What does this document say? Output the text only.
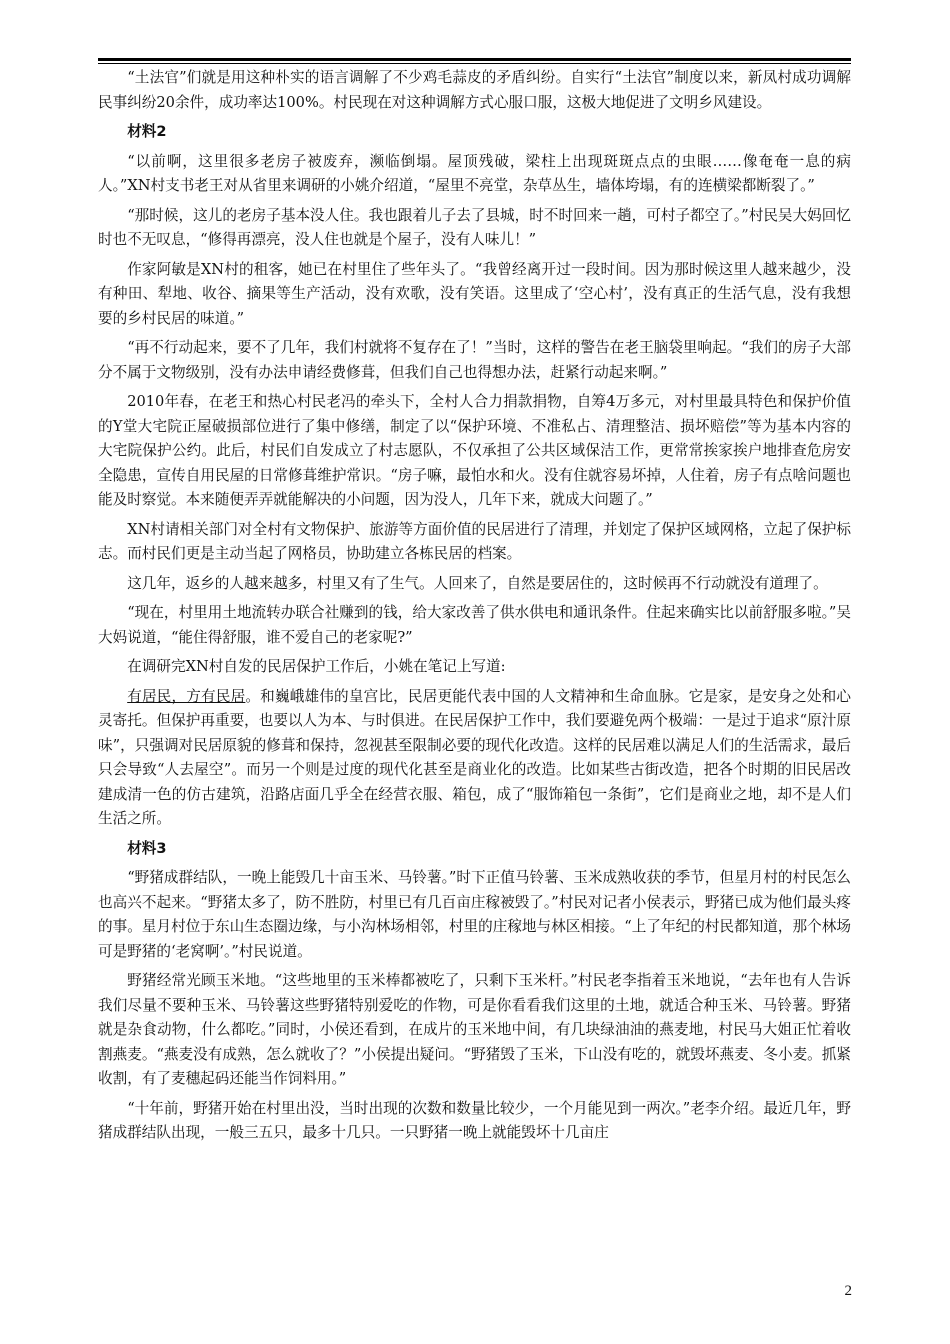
“土法官”们就是用这种朴实的语言调解了不少鸡毛蒜皮的矛盾纠纷。自实行“土法官”制度以来，新凤村成功调解民事纠纷20余件，成功率达100%。村民现在对这种调解方式心服口服，这极大地促进了文明乡风建设。

材料2

“以前啊，这里很多老房子被废弃，濒临倒塌。屋顶残破，梁柱上出现斑斑点点的虫眼……像奄奄一息的病人。”XN村支书老王对从省里来调研的小姚介绍道，“屋里不亮堂，杂草丛生，墙体垮塌，有的连横梁都断裂了。”

“那时候，这儿的老房子基本没人住。我也跟着儿子去了县城，时不时回来一趟，可村子都空了。”村民吴大妈回忆时也不无叹息，“修得再漂亮，没人住也就是个屋子，没有人味儿！”

作家阿敏是XN村的租客，她已在村里住了些年头了。“我曾经离开过一段时间。因为那时候这里人越来越少，没有种田、犁地、收谷、摘果等生产活动，没有欢歌，没有笑语。这里成了‘空心村’，没有真正的生活气息，没有我想要的乡村民居的味道。”

“再不行动起来，要不了几年，我们村就将不复存在了！”当时，这样的警告在老王脑袋里响起。“我们的房子大部分不属于文物级别，没有办法申请经费修葺，但我们自己也得想办法，赶紧行动起来啊。”

2010年春，在老王和热心村民老冯的牵头下，全村人合力捐款捐物，自筹4万多元，对村里最具特色和保护价值的Y堂大宅院正屋破损部位进行了集中修缮，制定了以“保护环境、不准私占、清理整洁、损坏赔偿”等为基本内容的大宅院保护公约。此后，村民们自发成立了村志愿队，不仅承担了公共区域保洁工作，更常常挨家挨户地排查危房安全隐患，宣传自用民屋的日常修葺维护常识。“房子嘛，最怕水和火。没有住就容易坏掉，人住着，房子有点啥问题也能及时察觉。本来随便弄弄就能解决的小问题，因为没人，几年下来，就成大问题了。”

XN村请相关部门对全村有文物保护、旅游等方面价值的民居进行了清理，并划定了保护区域网格，立起了保护标志。而村民们更是主动当起了网格员，协助建立各栋民居的档案。

这几年，返乡的人越来越多，村里又有了生气。人回来了，自然是要居住的，这时候再不行动就没有道理了。

“现在，村里用土地流转办联合社赚到的钱，给大家改善了供水供电和通讯条件。住起来确实比以前舒服多啦。”吴大妈说道，“能住得舒服，谁不爱自己的老家呢?”

在调研完XN村自发的民居保护工作后，小姚在笔记上写道:

有居民，方有民居。和巍峨雄伟的皇宫比，民居更能代表中国的人文精神和生命血脉。它是家，是安身之处和心灵寄托。但保护再重要，也要以人为本、与时俱进。在民居保护工作中，我们要避免两个极端：一是过于追求“原汁原味”，只强调对民居原貌的修葺和保持，忽视甚至限制必要的现代化改造。这样的民居难以满足人们的生活需求，最后只会导致“人去屋空”。而另一个则是过度的现代化甚至是商业化的改造。比如某些古街改造，把各个时期的旧民居改建成清一色的仿古建筑，沿路店面几乎全在经营衣服、箱包，成了“服饰箱包一条街”，它们是商业之地，却不是人们生活之所。

材料3

“野猪成群结队，一晚上能毁几十亩玉米、马铃薯。”时下正值马铃薯、玉米成熟收获的季节，但星月村的村民怎么也高兴不起来。“野猪太多了，防不胜防，村里已有几百亩庄稼被毁了。”村民对记者小侯表示，野猪已成为他们最头疼的事。星月村位于东山生态圈边缘，与小沟林场相邻，村里的庄稼地与林区相接。“上了年纪的村民都知道，那个林场可是野猪的‘老窝啊’。”村民说道。

野猪经常光顾玉米地。“这些地里的玉米棒都被吃了，只剩下玉米杆。”村民老李指着玉米地说，“去年也有人告诉我们尽量不要种玉米、马铃薯这些野猪特别爱吃的作物，可是你看看我们这里的土地，就适合种玉米、马铃薯。野猪就是杂食动物，什么都吃。”同时，小侯还看到，在成片的玉米地中间，有几块绿油油的燕麦地，村民马大姐正忙着收割燕麦。“燕麦没有成熟，怎么就收了？”小侯提出疑问。“野猪毁了玉米，下山没有吃的，就毁坏燕麦、冬小麦。抓紧收割，有了麦穗起码还能当作饲料用。”

“十年前，野猪开始在村里出没，当时出现的次数和数量比较少，一个月能见到一两次。”老李介绍。最近几年，野猪成群结队出现，一般三五只，最多十几只。一只野猪一晚上就能毁坏十几亩庄

2
